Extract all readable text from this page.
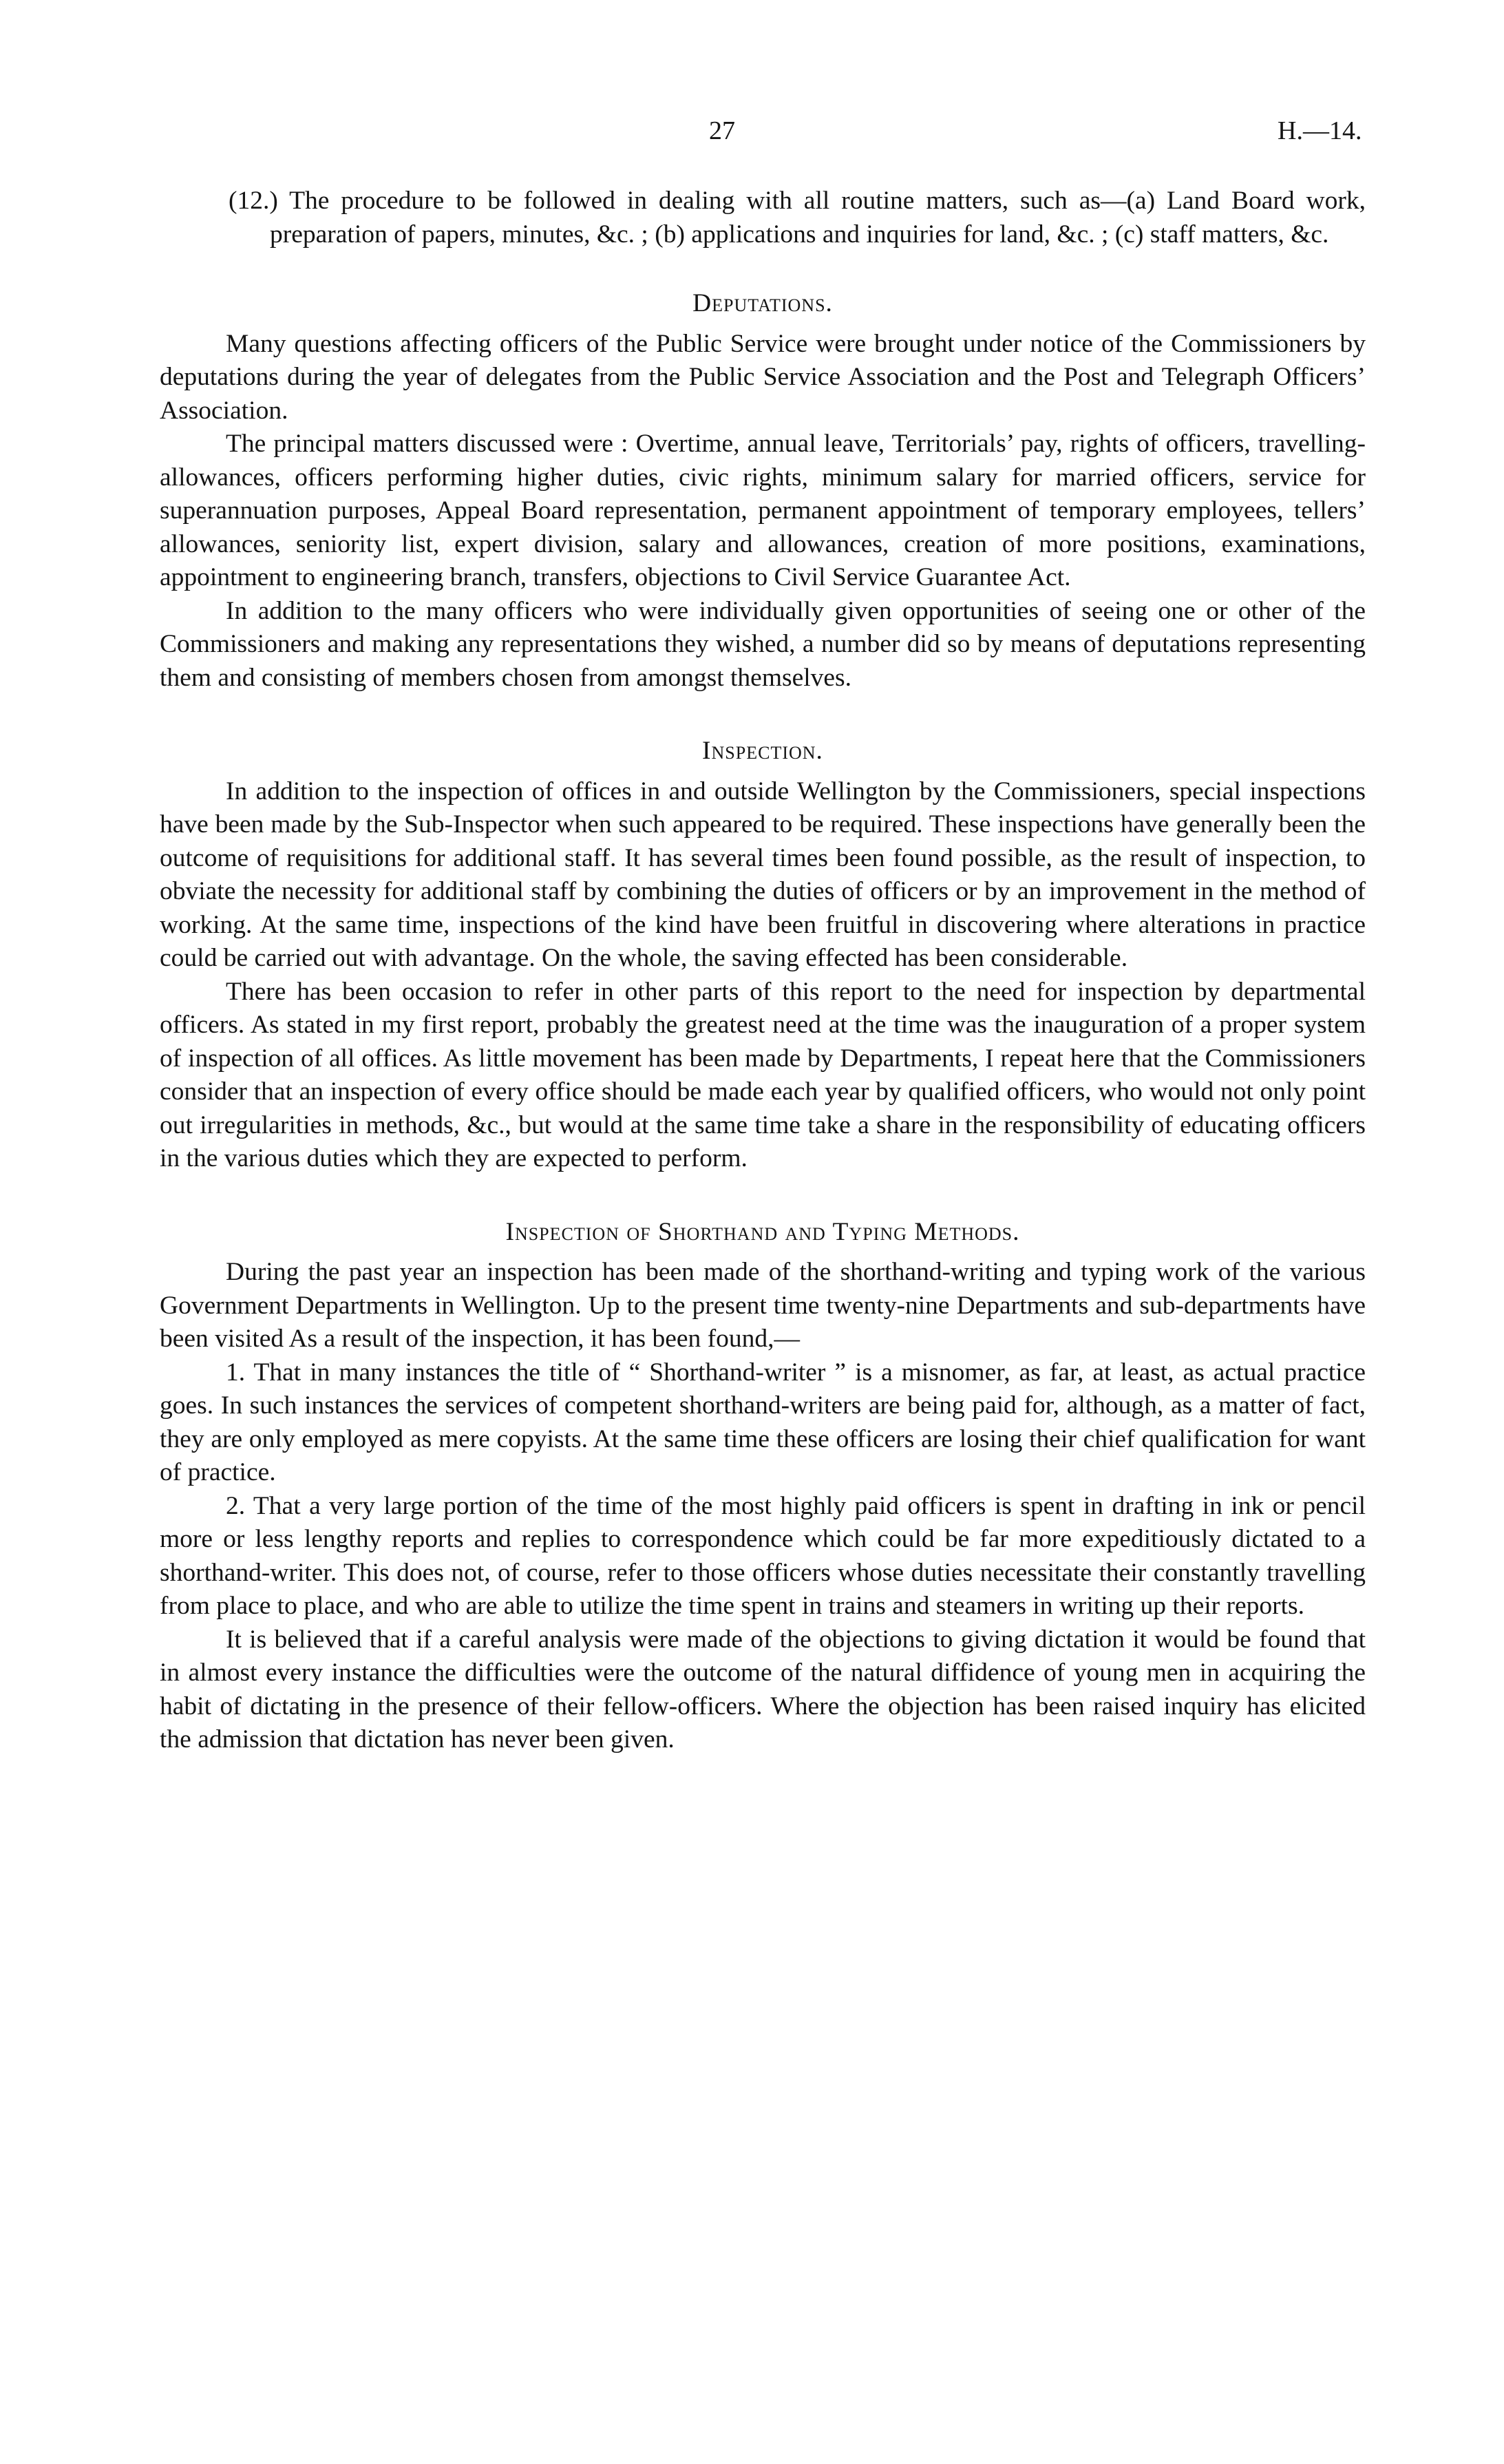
27	H.—14.

(12.) The procedure to be followed in dealing with all routine matters, such as—(a) Land Board work, preparation of papers, minutes, &c. ; (b) applications and inquiries for land, &c. ; (c) staff matters, &c.

Deputations.

Many questions affecting officers of the Public Service were brought under notice of the Commissioners by deputations during the year of delegates from the Public Service Association and the Post and Telegraph Officers’ Association.

The principal matters discussed were : Overtime, annual leave, Territorials’ pay, rights of officers, travelling-allowances, officers performing higher duties, civic rights, minimum salary for married officers, service for superannuation purposes, Appeal Board representation, permanent appointment of temporary employees, tellers’ allowances, seniority list, expert division, salary and allowances, creation of more positions, examinations, appointment to engineering branch, transfers, objections to Civil Service Guarantee Act.

In addition to the many officers who were individually given opportunities of seeing one or other of the Commissioners and making any representations they wished, a number did so by means of deputations representing them and consisting of members chosen from amongst themselves.

Inspection.

In addition to the inspection of offices in and outside Wellington by the Commissioners, special inspections have been made by the Sub-Inspector when such appeared to be required. These inspections have generally been the outcome of requisitions for additional staff. It has several times been found possible, as the result of inspection, to obviate the necessity for additional staff by combining the duties of officers or by an improvement in the method of working. At the same time, inspections of the kind have been fruitful in discovering where alterations in practice could be carried out with advantage. On the whole, the saving effected has been considerable.

There has been occasion to refer in other parts of this report to the need for inspection by departmental officers. As stated in my first report, probably the greatest need at the time was the inauguration of a proper system of inspection of all offices. As little movement has been made by Departments, I repeat here that the Commissioners consider that an inspection of every office should be made each year by qualified officers, who would not only point out irregularities in methods, &c., but would at the same time take a share in the responsibility of educating officers in the various duties which they are expected to perform.

Inspection of Shorthand and Typing Methods.

During the past year an inspection has been made of the shorthand-writing and typing work of the various Government Departments in Wellington. Up to the present time twenty-nine Departments and sub-departments have been visited As a result of the inspection, it has been found,—

1. That in many instances the title of “ Shorthand-writer ” is a misnomer, as far, at least, as actual practice goes. In such instances the services of competent shorthand-writers are being paid for, although, as a matter of fact, they are only employed as mere copyists. At the same time these officers are losing their chief qualification for want of practice.

2. That a very large portion of the time of the most highly paid officers is spent in drafting in ink or pencil more or less lengthy reports and replies to correspondence which could be far more expeditiously dictated to a shorthand-writer. This does not, of course, refer to those officers whose duties necessitate their constantly travelling from place to place, and who are able to utilize the time spent in trains and steamers in writing up their reports.

It is believed that if a careful analysis were made of the objections to giving dictation it would be found that in almost every instance the difficulties were the outcome of the natural diffidence of young men in acquiring the habit of dictating in the presence of their fellow-officers. Where the objection has been raised inquiry has elicited the admission that dictation has never been given.
